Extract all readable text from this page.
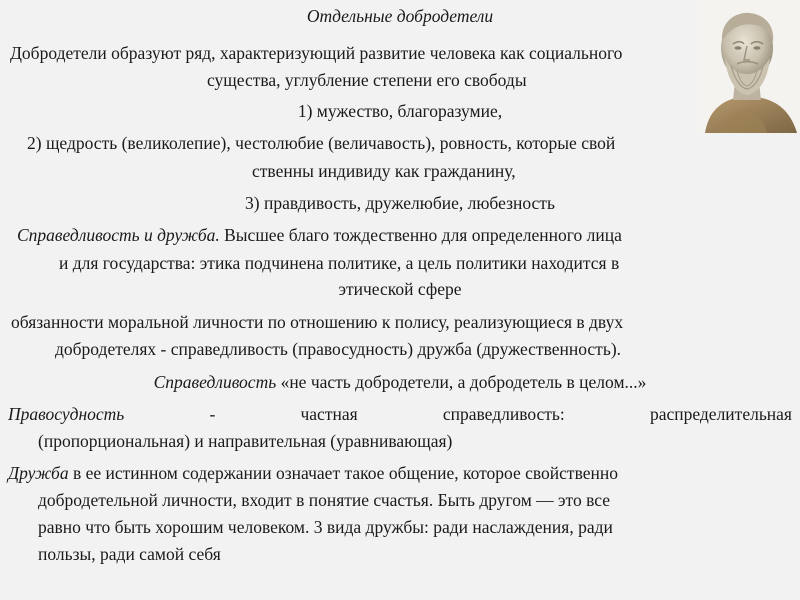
Отдельные добродетели
Добродетели образуют ряд, характеризующий развитие человека как социального
существа, углубление степени его свободы
1) мужество, благоразумие,
2) щедрость (великолепие), честолюбие (величавость), ровность, которые свой
ственны индивиду как гражданину,
3) правдивость, дружелюбие, любезность
Справедливость и дружба. Высшее благо тождественно для определенного лица
и для государства: этика подчинена политике, а цель политики находится в
этической сфере
обязанности моральной личности по отношению к полису, реализующиеся в двух
добродетелях - справедливость (правосудность) дружба (дружественность).
Справедливость «не часть добродетели, а добродетель в целом...»
Правосудность	-	частная	справедливость:	распределительная
(пропорциональная) и направительная (уравнивающая)
Дружба в ее истинном содержании означает такое общение, которое свойственно
добродетельной личности, входит в понятие счастья. Быть другом — это все
равно что быть хорошим человеком. 3 вида дружбы: ради наслаждения, ради
пользы, ради самой себя
